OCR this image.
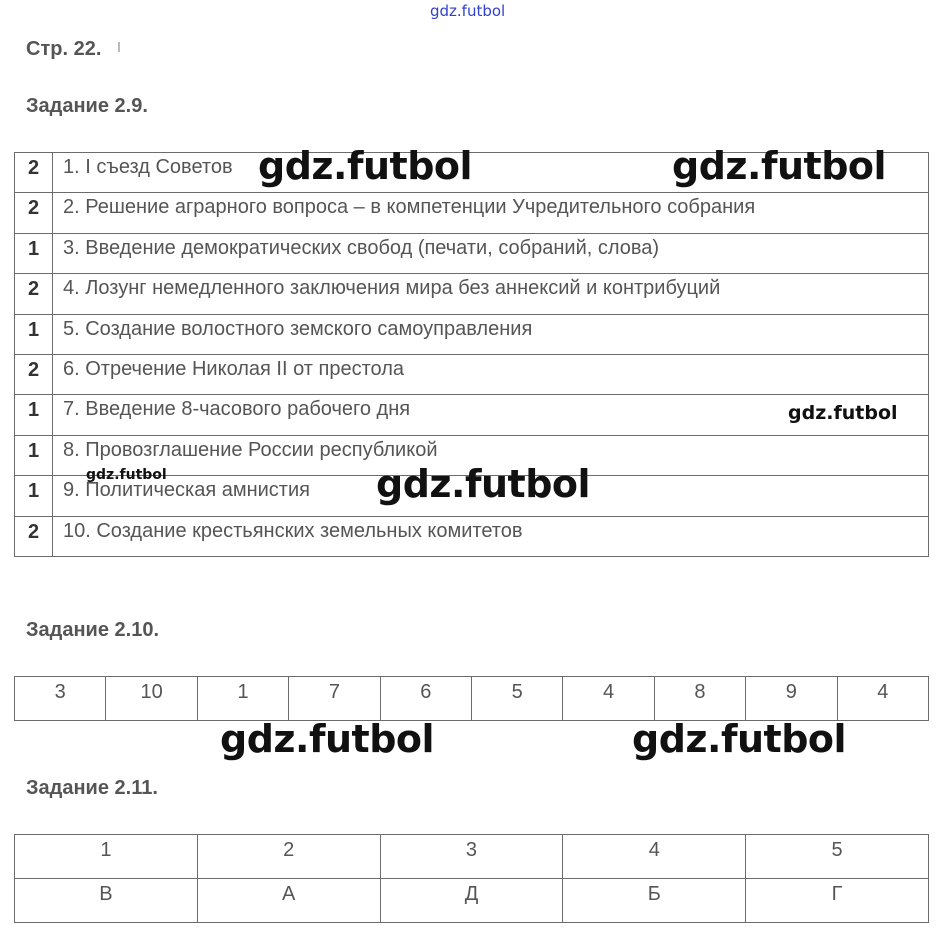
gdz.futbol
Стр. 22.
Задание 2.9.
2	1. I съезд Советов
2	2. Решение аграрного вопроса – в компетенции Учредительного собрания
1	3. Введение демократических свобод (печати, собраний, слова)
2	4. Лозунг немедленного заключения мира без аннексий и контрибуций
1	5. Создание волостного земского самоуправления
2	6. Отречение Николая II от престола
1	7. Введение 8-часового рабочего дня
1	8. Провозглашение России республикой
1	9. Политическая амнистия
2	10. Создание крестьянских земельных комитетов
Задание 2.10.
3	10	1	7	6	5	4	8	9	4
Задание 2.11.
1	2	3	4	5
В	А	Д	Б	Г
gdz.futbol	gdz.futbol
gdz.futbol
gdz.futbol	gdz.futbol
gdz.futbol	gdz.futbol
